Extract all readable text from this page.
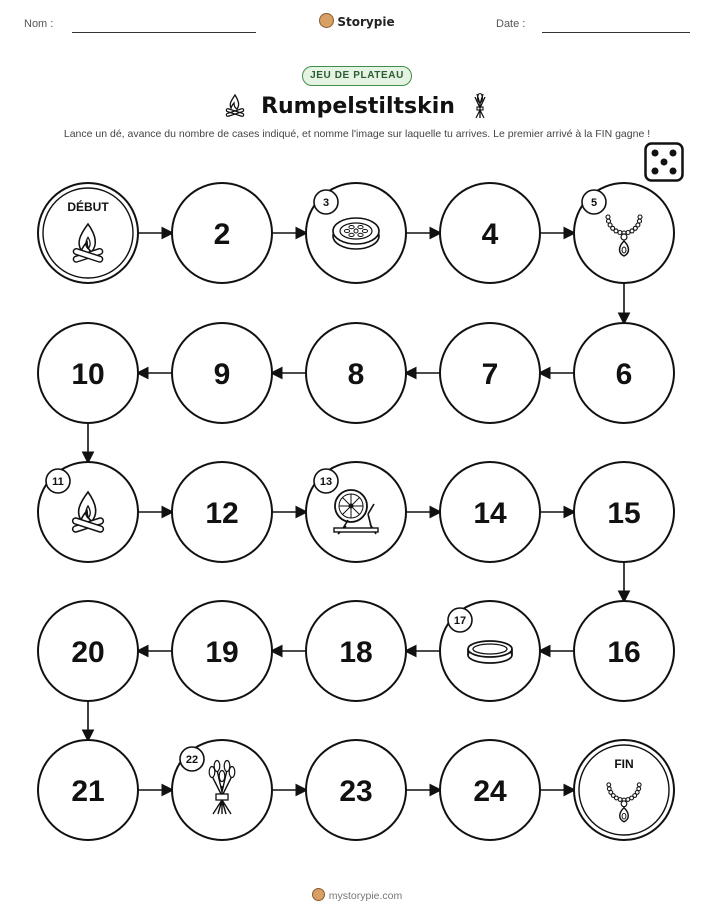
Nom :	Storypie	Date :
JEU DE PLATEAU
Rumpelstiltskin
Lance un dé, avance du nombre de cases indiqué, et nomme l'image sur laquelle tu arrives. Le premier arrivé à la FIN gagne !
DÉBUT
2
3
4
5
6
7
8
9
10
11
12
13
14	15
16
17
18
19
20
21
22
23	24
FIN
mystorypie.com
